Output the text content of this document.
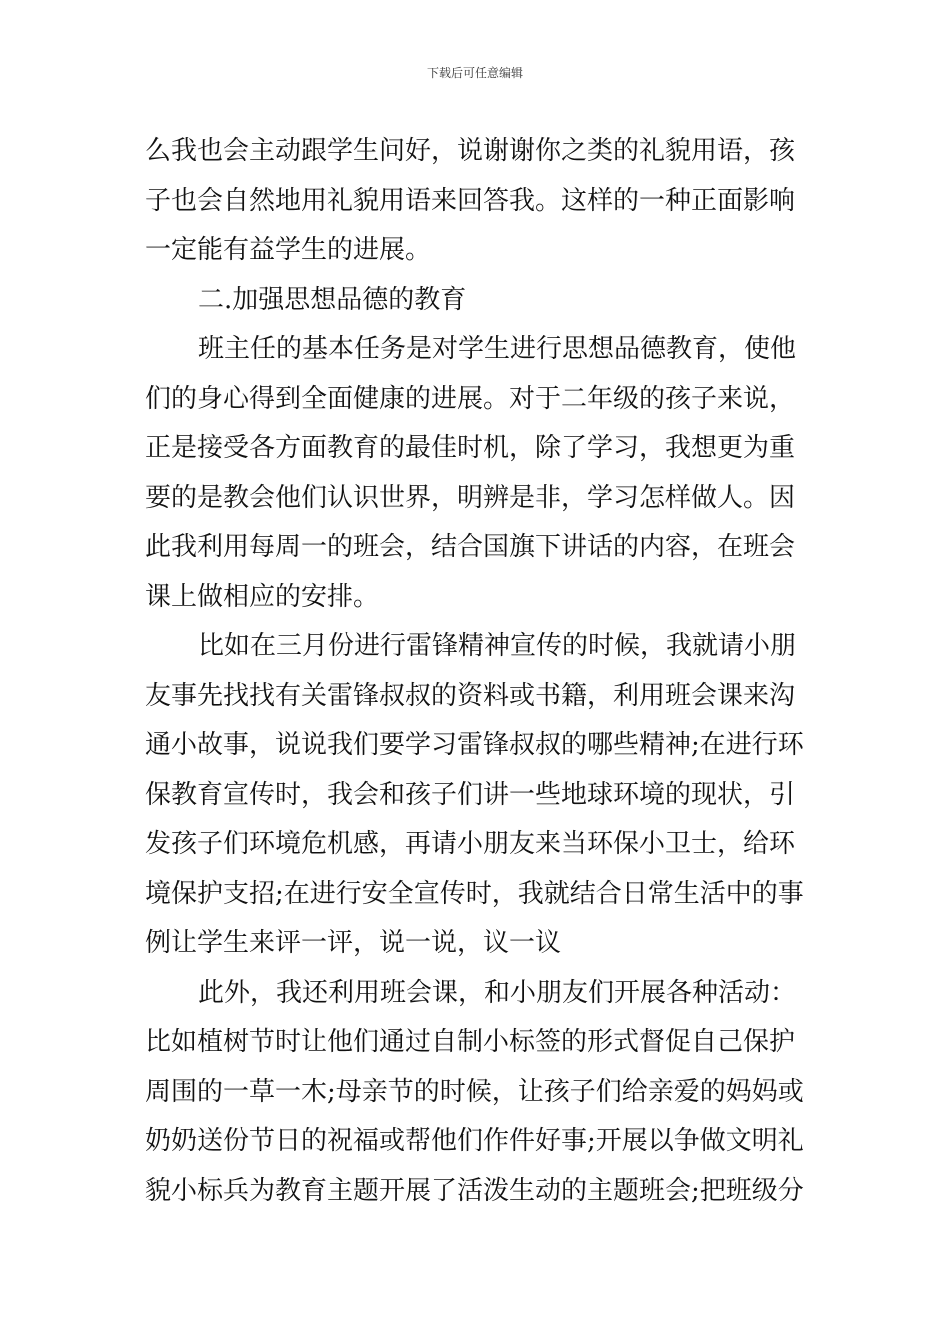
下载后可任意编辑
么我也会主动跟学生问好，说谢谢你之类的礼貌用语，孩
子也会自然地用礼貌用语来回答我。这样的一种正面影响
一定能有益学生的进展。
二.加强思想品德的教育
班主任的基本任务是对学生进行思想品德教育，使他
们的身心得到全面健康的进展。对于二年级的孩子来说，
正是接受各方面教育的最佳时机，除了学习，我想更为重
要的是教会他们认识世界，明辨是非，学习怎样做人。因
此我利用每周一的班会，结合国旗下讲话的内容，在班会
课上做相应的安排。
比如在三月份进行雷锋精神宣传的时候，我就请小朋
友事先找找有关雷锋叔叔的资料或书籍，利用班会课来沟
通小故事，说说我们要学习雷锋叔叔的哪些精神;在进行环
保教育宣传时，我会和孩子们讲一些地球环境的现状，引
发孩子们环境危机感，再请小朋友来当环保小卫士，给环
境保护支招;在进行安全宣传时，我就结合日常生活中的事
例让学生来评一评，说一说，议一议
此外，我还利用班会课，和小朋友们开展各种活动：
比如植树节时让他们通过自制小标签的形式督促自己保护
周围的一草一木;母亲节的时候，让孩子们给亲爱的妈妈或
奶奶送份节日的祝福或帮他们作件好事;开展以争做文明礼
貌小标兵为教育主题开展了活泼生动的主题班会;把班级分
